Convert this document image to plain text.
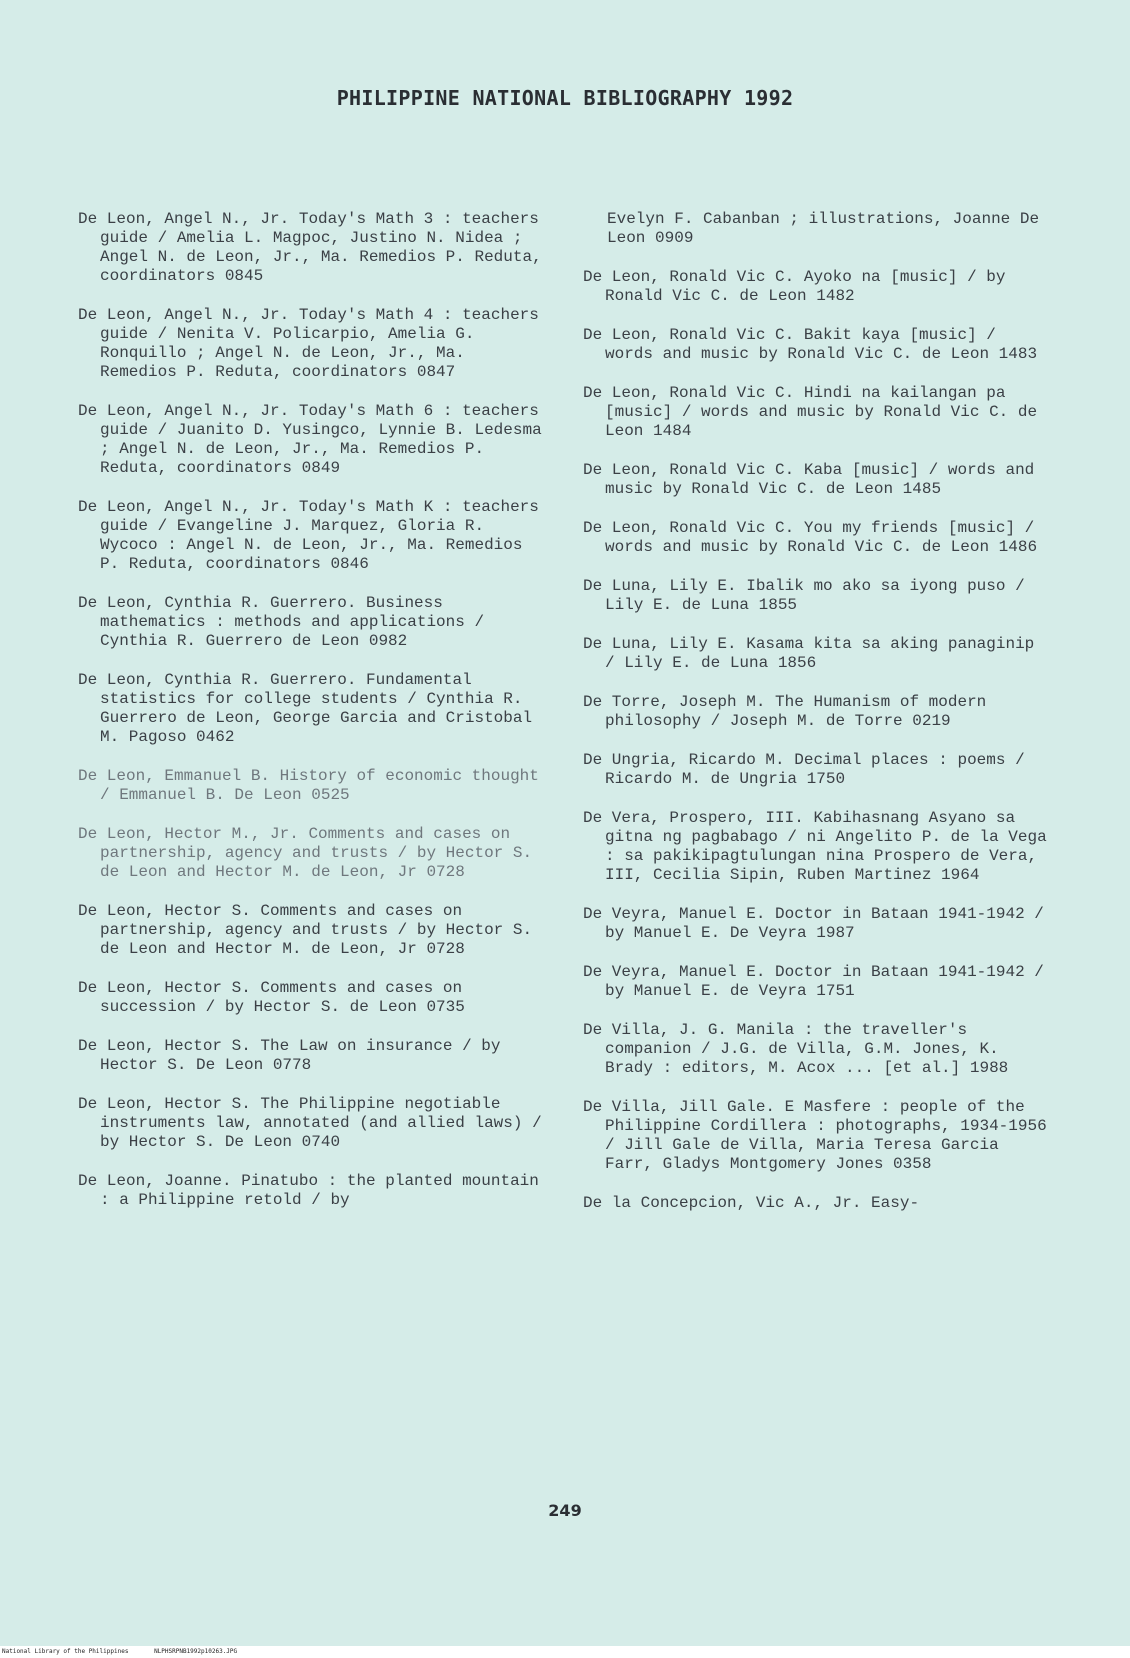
PHILIPPINE NATIONAL BIBLIOGRAPHY 1992

De Leon, Angel N., Jr. Today's Math 3 : teachers guide / Amelia L. Magpoc, Justino N. Nidea ; Angel N. de Leon, Jr., Ma. Remedios P. Reduta, coordinators 0845

De Leon, Angel N., Jr. Today's Math 4 : teachers guide / Nenita V. Policarpio, Amelia G. Ronquillo ; Angel N. de Leon, Jr., Ma. Remedios P. Reduta, coordinators 0847

De Leon, Angel N., Jr. Today's Math 6 : teachers guide / Juanito D. Yusingco, Lynnie B. Ledesma ; Angel N. de Leon, Jr., Ma. Remedios P. Reduta, coordinators 0849

De Leon, Angel N., Jr. Today's Math K : teachers guide / Evangeline J. Marquez, Gloria R. Wycoco : Angel N. de Leon, Jr., Ma. Remedios P. Reduta, coordinators 0846

De Leon, Cynthia R. Guerrero. Business mathematics : methods and applications / Cynthia R. Guerrero de Leon 0982

De Leon, Cynthia R. Guerrero. Fundamental statistics for college students / Cynthia R. Guerrero de Leon, George Garcia and Cristobal M. Pagoso 0462

De Leon, Emmanuel B. History of economic thought / Emmanuel B. De Leon 0525

De Leon, Hector M., Jr. Comments and cases on partnership, agency and trusts / by Hector S. de Leon and Hector M. de Leon, Jr 0728

De Leon, Hector S. Comments and cases on partnership, agency and trusts / by Hector S. de Leon and Hector M. de Leon, Jr 0728

De Leon, Hector S. Comments and cases on succession / by Hector S. de Leon 0735

De Leon, Hector S. The Law on insurance / by Hector S. De Leon 0778

De Leon, Hector S. The Philippine negotiable instruments law, annotated (and allied laws) / by Hector S. De Leon 0740

De Leon, Joanne. Pinatubo : the planted mountain : a Philippine retold / by

Evelyn F. Cabanban ; illustrations, Joanne De Leon 0909

De Leon, Ronald Vic C. Ayoko na [music] / by Ronald Vic C. de Leon 1482

De Leon, Ronald Vic C. Bakit kaya [music] / words and music by Ronald Vic C. de Leon 1483

De Leon, Ronald Vic C. Hindi na kailangan pa [music] / words and music by Ronald Vic C. de Leon 1484

De Leon, Ronald Vic C. Kaba [music] / words and music by Ronald Vic C. de Leon 1485

De Leon, Ronald Vic C. You my friends [music] / words and music by Ronald Vic C. de Leon 1486

De Luna, Lily E. Ibalik mo ako sa iyong puso / Lily E. de Luna 1855

De Luna, Lily E. Kasama kita sa aking panaginip / Lily E. de Luna 1856

De Torre, Joseph M. The Humanism of modern philosophy / Joseph M. de Torre 0219

De Ungria, Ricardo M. Decimal places : poems / Ricardo M. de Ungria 1750

De Vera, Prospero, III. Kabihasnang Asyano sa gitna ng pagbabago / ni Angelito P. de la Vega : sa pakikipagtulungan nina Prospero de Vera, III, Cecilia Sipin, Ruben Martinez 1964

De Veyra, Manuel E. Doctor in Bataan 1941-1942 / by Manuel E. De Veyra 1987

De Veyra, Manuel E. Doctor in Bataan 1941-1942 / by Manuel E. de Veyra 1751

De Villa, J. G. Manila : the traveller's companion / J.G. de Villa, G.M. Jones, K. Brady : editors, M. Acox ... [et al.] 1988

De Villa, Jill Gale. E Masfere : people of the Philippine Cordillera : photographs, 1934-1956 / Jill Gale de Villa, Maria Teresa Garcia Farr, Gladys Montgomery Jones 0358

De la Concepcion, Vic A., Jr. Easy-

249
National Library of the Philippines	NLPHSRPNB1992p10263.JPG
